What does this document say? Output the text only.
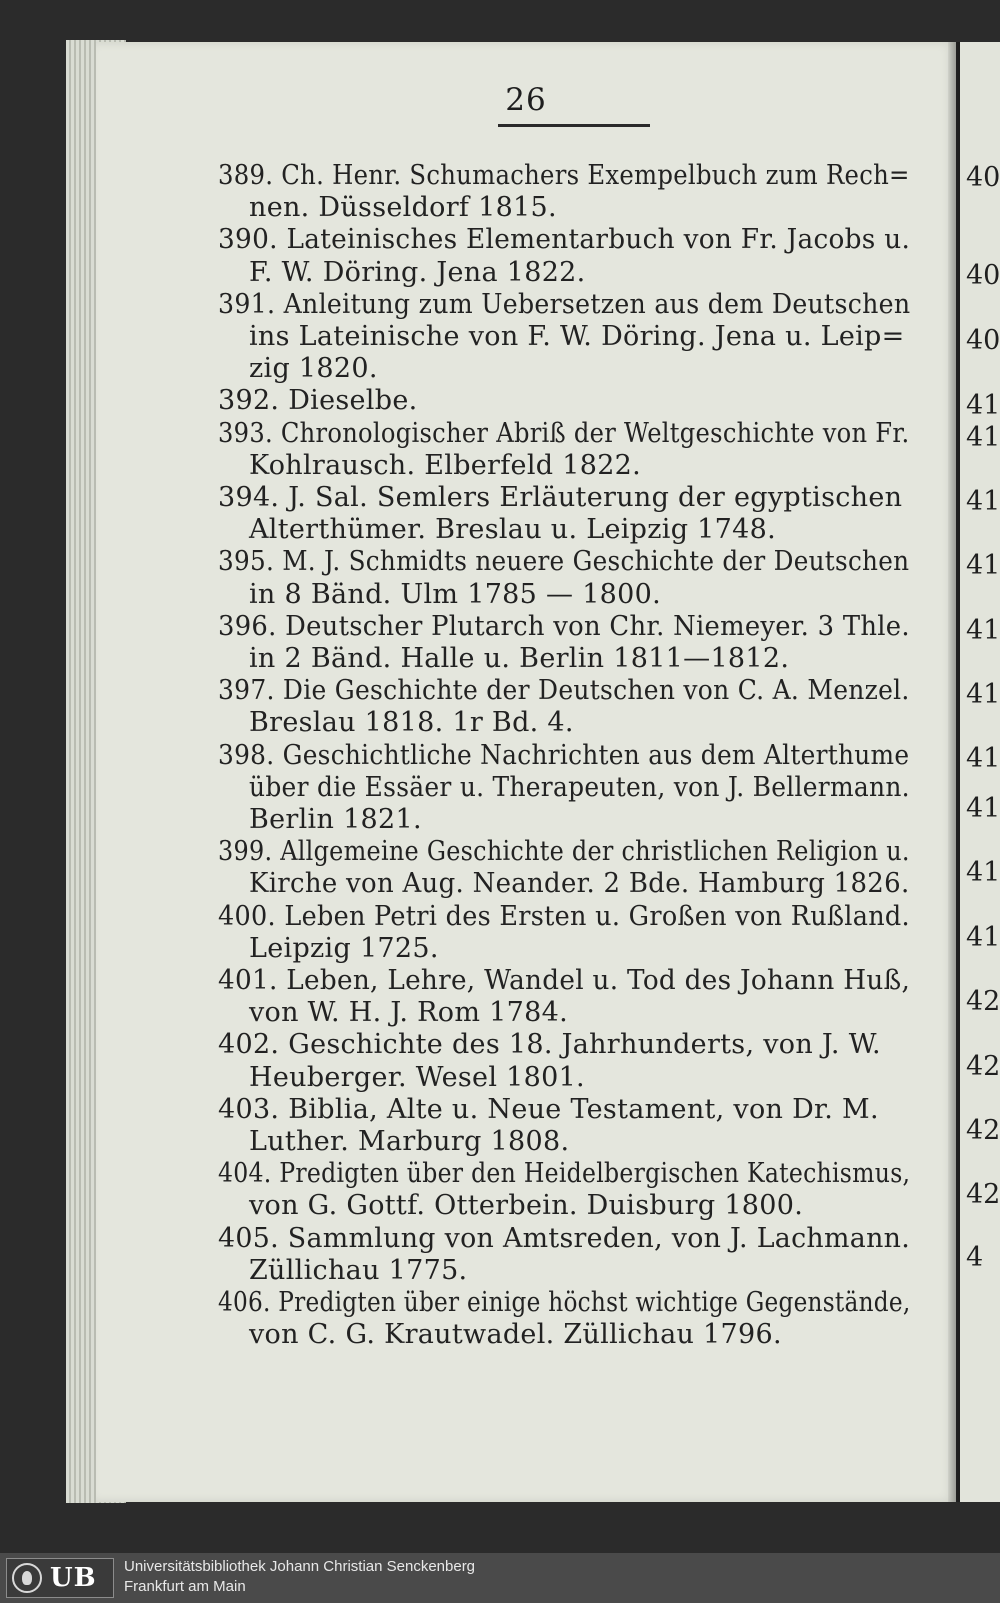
26
389. Ch. Henr. Schumachers Exempelbuch zum Rech=
nen. Düsseldorf 1815.
390. Lateinisches Elementarbuch von Fr. Jacobs u.
F. W. Döring. Jena 1822.
391. Anleitung zum Uebersetzen aus dem Deutschen
ins Lateinische von F. W. Döring. Jena u. Leip=
zig 1820.
392. Dieselbe.
393. Chronologischer Abriß der Weltgeschichte von Fr.
Kohlrausch. Elberfeld 1822.
394. J. Sal. Semlers Erläuterung der egyptischen
Alterthümer. Breslau u. Leipzig 1748.
395. M. J. Schmidts neuere Geschichte der Deutschen
in 8 Bänd. Ulm 1785 — 1800.
396. Deutscher Plutarch von Chr. Niemeyer. 3 Thle.
in 2 Bänd. Halle u. Berlin 1811—1812.
397. Die Geschichte der Deutschen von C. A. Menzel.
Breslau 1818. 1r Bd. 4.
398. Geschichtliche Nachrichten aus dem Alterthume
über die Essäer u. Therapeuten, von J. Bellermann.
Berlin 1821.
399. Allgemeine Geschichte der christlichen Religion u.
Kirche von Aug. Neander. 2 Bde. Hamburg 1826.
400. Leben Petri des Ersten u. Großen von Rußland.
Leipzig 1725.
401. Leben, Lehre, Wandel u. Tod des Johann Huß,
von W. H. J. Rom 1784.
402. Geschichte des 18. Jahrhunderts, von J. W.
Heuberger. Wesel 1801.
403. Biblia, Alte u. Neue Testament, von Dr. M.
Luther. Marburg 1808.
404. Predigten über den Heidelbergischen Katechismus,
von G. Gottf. Otterbein. Duisburg 1800.
405. Sammlung von Amtsreden, von J. Lachmann.
Züllichau 1775.
406. Predigten über einige höchst wichtige Gegenstände,
von C. G. Krautwadel. Züllichau 1796.
40
40
40
41
41
41
41
41
41
41
41
41
41
42
42
42
42
4
UB Universitätsbibliothek Johann Christian Senckenberg
Frankfurt am Main
